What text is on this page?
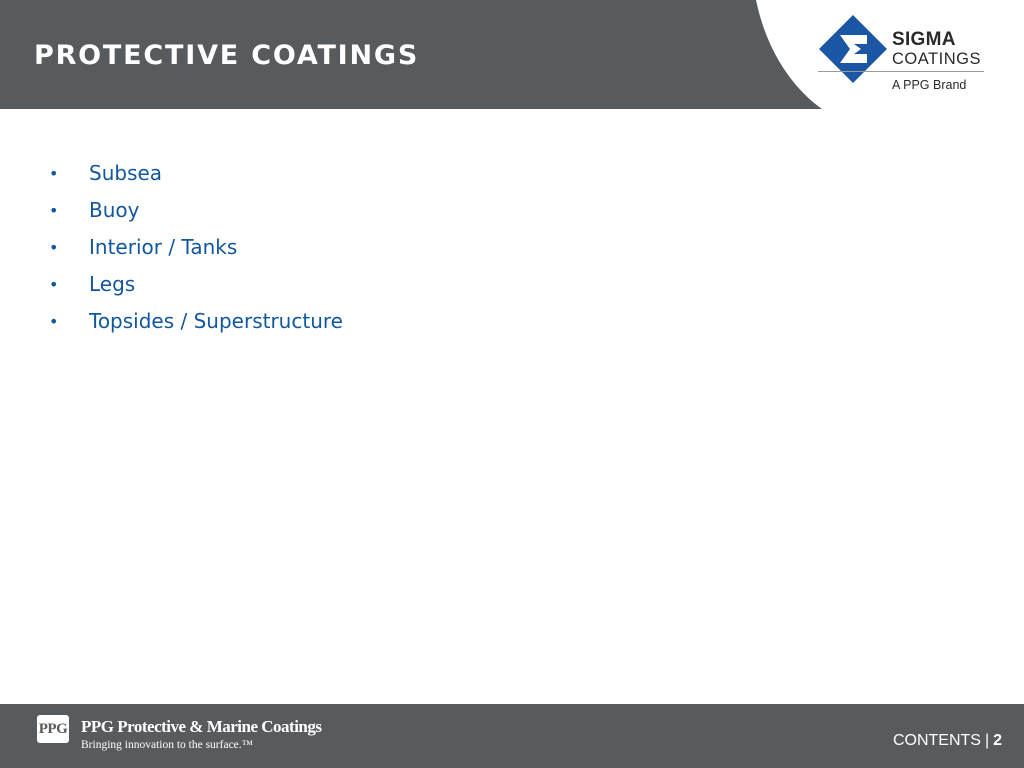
PROTECTIVE COATINGS
SIGMA
COATINGS
A PPG Brand
• Subsea
• Buoy
• Interior / Tanks
• Legs
• Topsides / Superstructure
PPG PPG Protective & Marine Coatings
Bringing innovation to the surface.™	CONTENTS | 2
